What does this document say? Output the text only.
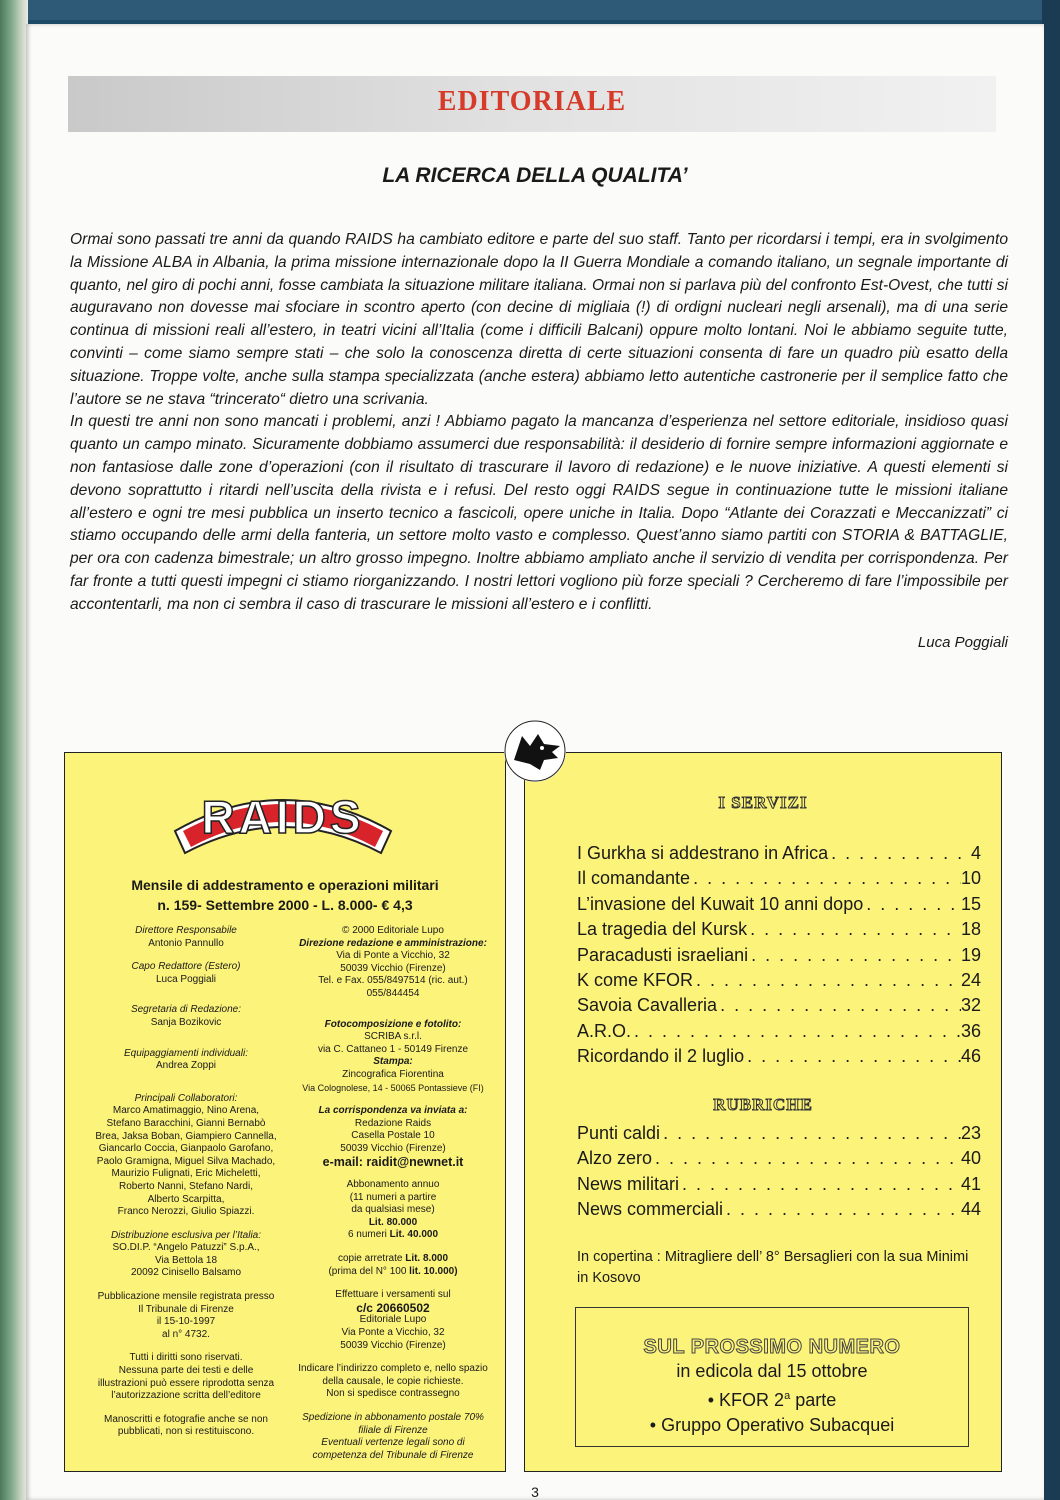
EDITORIALE
LA RICERCA DELLA QUALITA’

Ormai sono passati tre anni da quando RAIDS ha cambiato editore e parte del suo staff. Tanto per ricordarsi i tempi, era in svolgimento la Missione ALBA in Albania, la prima missione internazionale dopo la II Guerra Mondiale a comando italiano, un segnale importante di quanto, nel giro di pochi anni, fosse cambiata la situazione militare italiana. Ormai non si parlava più del confronto Est-Ovest, che tutti si auguravano non dovesse mai sfociare in scontro aperto (con decine di migliaia (!) di ordigni nucleari negli arsenali), ma di una serie continua di missioni reali all’estero, in teatri vicini all’Italia (come i difficili Balcani) oppure molto lontani. Noi le abbiamo seguite tutte, convinti – come siamo sempre stati – che solo la conoscenza diretta di certe situazioni consenta di fare un quadro più esatto della situazione. Troppe volte, anche sulla stampa specializzata (anche estera) abbiamo letto autentiche castronerie per il semplice fatto che l’autore se ne stava “trincerato“ dietro una scrivania.

In questi tre anni non sono mancati i problemi, anzi ! Abbiamo pagato la mancanza d’esperienza nel settore editoriale, insidioso quasi quanto un campo minato. Sicuramente dobbiamo assumerci due responsabilità: il desiderio di fornire sempre informazioni aggiornate e non fantasiose dalle zone d’operazioni (con il risultato di trascurare il lavoro di redazione) e le nuove iniziative. A questi elementi si devono soprattutto i ritardi nell’uscita della rivista e i refusi. Del resto oggi RAIDS segue in continuazione tutte le missioni italiane all’estero e ogni tre mesi pubblica un inserto tecnico a fascicoli, opere uniche in Italia. Dopo “Atlante dei Corazzati e Meccanizzati” ci stiamo occupando delle armi della fanteria, un settore molto vasto e complesso. Quest’anno siamo partiti con STORIA & BATTAGLIE, per ora con cadenza bimestrale; un altro grosso impegno. Inoltre abbiamo ampliato anche il servizio di vendita per corrispondenza. Per far fronte a tutti questi impegni ci stiamo riorganizzando. I nostri lettori vogliono più forze speciali ? Cercheremo di fare l’impossibile per accontentarli, ma non ci sembra il caso di trascurare le missioni all’estero e i conflitti.

Luca Poggiali
RAIDS
Mensile di addestramento e operazioni militari
n. 159- Settembre 2000 - L. 8.000- € 4,3
Direttore Responsabile
Antonio Pannullo
Capo Redattore (Estero)
Luca Poggiali
Segretaria di Redazione:
Sanja Bozikovic
Equipaggiamenti individuali:
Andrea Zoppi
Principali Collaboratori:
Marco Amatimaggio, Nino Arena,
Stefano Baracchini, Gianni Bernabò
Brea, Jaksa Boban, Giampiero Cannella,
Giancarlo Coccia, Gianpaolo Garofano,
Paolo Gramigna, Miguel Silva Machado,
Maurizio Fulignati, Eric Micheletti,
Roberto Nanni, Stefano Nardi,
Alberto Scarpitta,
Franco Nerozzi, Giulio Spiazzi.
Distribuzione esclusiva per l’Italia:
SO.DI.P. “Angelo Patuzzi” S.p.A.,
Via Bettola 18
20092 Cinisello Balsamo
Pubblicazione mensile registrata presso
Il Tribunale di Firenze
il 15-10-1997
al n° 4732.
Tutti i diritti sono riservati.
Nessuna parte dei testi e delle
illustrazioni può essere riprodotta senza
l’autorizzazione scritta dell’editore
Manoscritti e fotografie anche se non
pubblicati, non si restituiscono.
© 2000 Editoriale Lupo
Direzione redazione e amministrazione:
Via di Ponte a Vicchio, 32
50039 Vicchio (Firenze)
Tel. e Fax. 055/8497514 (ric. aut.)
055/844454
Fotocomposizione e fotolito:
SCRIBA s.r.l.
via C. Cattaneo 1 - 50149 Firenze
Stampa:
Zincografica Fiorentina
Via Colognolese, 14 - 50065 Pontassieve (FI)
La corrispondenza va inviata a:
Redazione Raids
Casella Postale 10
50039 Vicchio (Firenze)
e-mail: raidit@newnet.it
Abbonamento annuo
(11 numeri a partire
da qualsiasi mese)
Lit. 80.000
6 numeri Lit. 40.000
copie arretrate Lit. 8.000
(prima del N° 100 lit. 10.000)
Effettuare i versamenti sul
c/c 20660502
Editoriale Lupo
Via Ponte a Vicchio, 32
50039 Vicchio (Firenze)
Indicare l’indirizzo completo e, nello spazio
della causale, le copie richieste.
Non si spedisce contrassegno
Spedizione in abbonamento postale 70%
filiale di Firenze
Eventuali vertenze legali sono di
competenza del Tribunale di Firenze
I SERVIZI
I Gurkha si addestrano in Africa . . .	4
Il comandante . . .	10
L’invasione del Kuwait 10 anni dopo . . .	15
La tragedia del Kursk . . .	18
Paracadusti israeliani . . .	19
K come KFOR . . .	24
Savoia Cavalleria . . .	32
A.R.O. . . .	36
Ricordando il 2 luglio . . .	46
RUBRICHE
Punti caldi . . .	23
Alzo zero . . .	40
News militari . . .	41
News commerciali . . .	44
In copertina : Mitragliere dell’ 8° Bersaglieri con la sua Minimi in Kosovo
SUL PROSSIMO NUMERO
in edicola dal 15 ottobre
• KFOR 2$^a$ parte
• Gruppo Operativo Subacquei
3
